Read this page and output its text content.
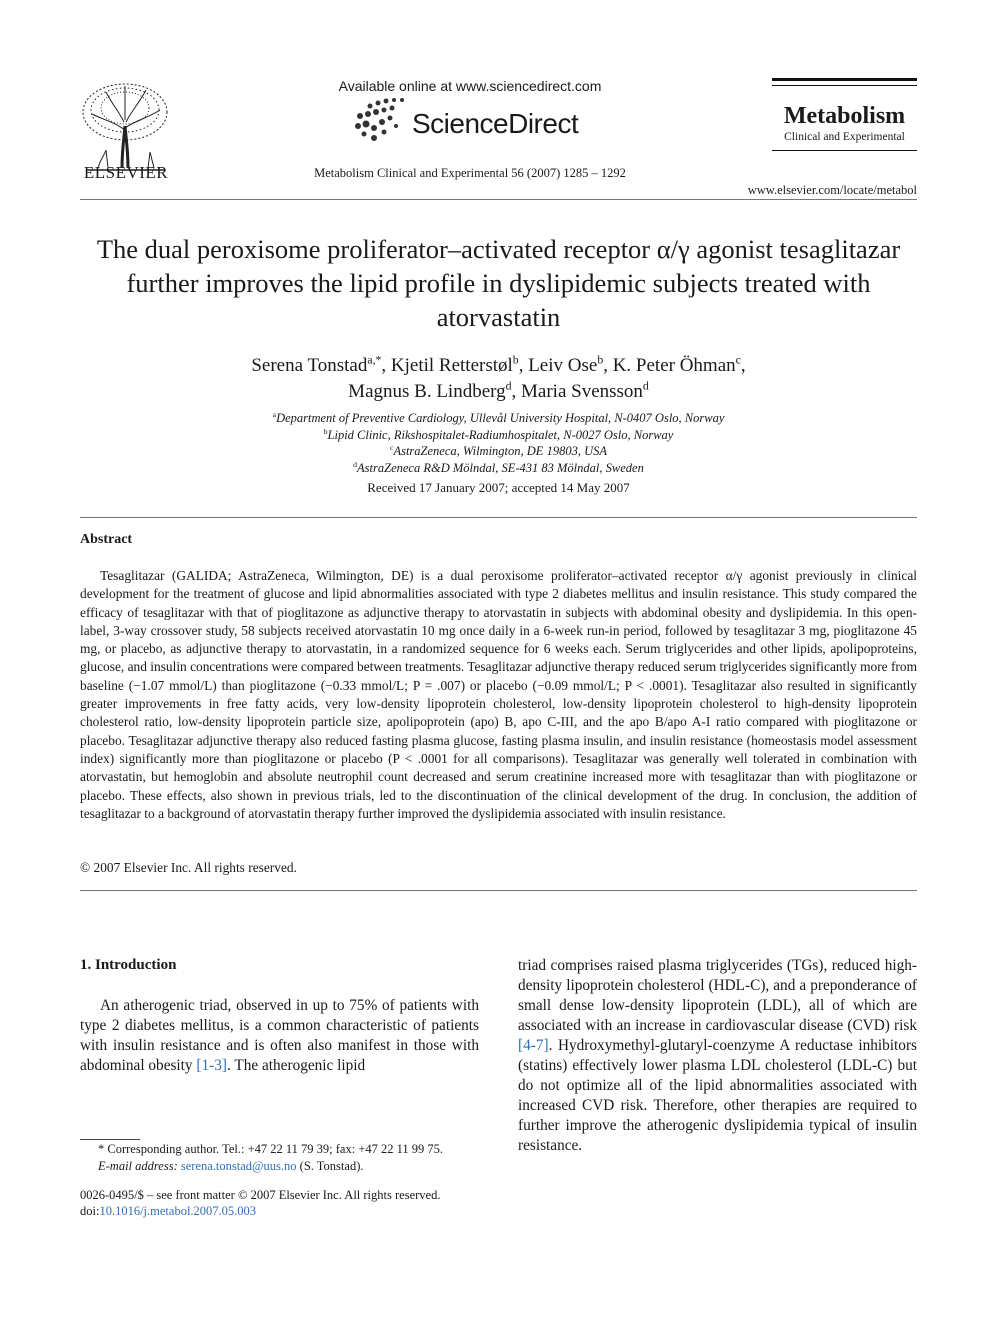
ELSEVIER
Available online at www.sciencedirect.com
ScienceDirect
Metabolism Clinical and Experimental 56 (2007) 1285 – 1292
Metabolism
Clinical and Experimental
www.elsevier.com/locate/metabol
The dual peroxisome proliferator–activated receptor α/γ agonist tesaglitazar further improves the lipid profile in dyslipidemic subjects treated with atorvastatin
Serena Tonstad$^{a,*}$, Kjetil Retterstøl$^b$, Leiv Ose$^b$, K. Peter Öhman$^c$,
Magnus B. Lindberg$^d$, Maria Svensson$^d$
$^a$Department of Preventive Cardiology, Ullevål University Hospital, N-0407 Oslo, Norway
$^b$Lipid Clinic, Rikshospitalet-Radiumhospitalet, N-0027 Oslo, Norway
$^c$AstraZeneca, Wilmington, DE 19803, USA
$^d$AstraZeneca R&D Mölndal, SE-431 83 Mölndal, Sweden
Received 17 January 2007; accepted 14 May 2007
Abstract

Tesaglitazar (GALIDA; AstraZeneca, Wilmington, DE) is a dual peroxisome proliferator–activated receptor α/γ agonist previously in clinical development for the treatment of glucose and lipid abnormalities associated with type 2 diabetes mellitus and insulin resistance. This study compared the efficacy of tesaglitazar with that of pioglitazone as adjunctive therapy to atorvastatin in subjects with abdominal obesity and dyslipidemia. In this open-label, 3-way crossover study, 58 subjects received atorvastatin 10 mg once daily in a 6-week run-in period, followed by tesaglitazar 3 mg, pioglitazone 45 mg, or placebo, as adjunctive therapy to atorvastatin, in a randomized sequence for 6 weeks each. Serum triglycerides and other lipids, apolipoproteins, glucose, and insulin concentrations were compared between treatments. Tesaglitazar adjunctive therapy reduced serum triglycerides significantly more from baseline (−1.07 mmol/L) than pioglitazone (−0.33 mmol/L; P = .007) or placebo (−0.09 mmol/L; P < .0001). Tesaglitazar also resulted in significantly greater improvements in free fatty acids, very low-density lipoprotein cholesterol, low-density lipoprotein cholesterol to high-density lipoprotein cholesterol ratio, low-density lipoprotein particle size, apolipoprotein (apo) B, apo C-III, and the apo B/apo A-I ratio compared with pioglitazone or placebo. Tesaglitazar adjunctive therapy also reduced fasting plasma glucose, fasting plasma insulin, and insulin resistance (homeostasis model assessment index) significantly more than pioglitazone or placebo (P < .0001 for all comparisons). Tesaglitazar was generally well tolerated in combination with atorvastatin, but hemoglobin and absolute neutrophil count decreased and serum creatinine increased more with tesaglitazar than with pioglitazone or placebo. These effects, also shown in previous trials, led to the discontinuation of the clinical development of the drug. In conclusion, the addition of tesaglitazar to a background of atorvastatin therapy further improved the dyslipidemia associated with insulin resistance.

© 2007 Elsevier Inc. All rights reserved.
1. Introduction

An atherogenic triad, observed in up to 75% of patients with type 2 diabetes mellitus, is a common characteristic of patients with insulin resistance and is often also manifest in those with abdominal obesity [1-3]. The atherogenic lipid

triad comprises raised plasma triglycerides (TGs), reduced high-density lipoprotein cholesterol (HDL-C), and a preponderance of small dense low-density lipoprotein (LDL), all of which are associated with an increase in cardiovascular disease (CVD) risk [4-7]. Hydroxymethyl-glutaryl-coenzyme A reductase inhibitors (statins) effectively lower plasma LDL cholesterol (LDL-C) but do not optimize all of the lipid abnormalities associated with increased CVD risk. Therefore, other therapies are required to further improve the atherogenic dyslipidemia typical of insulin resistance.

* Corresponding author. Tel.: +47 22 11 79 39; fax: +47 22 11 99 75.
E-mail address: serena.tonstad@uus.no (S. Tonstad).
0026-0495/$ – see front matter © 2007 Elsevier Inc. All rights reserved.
doi:10.1016/j.metabol.2007.05.003
